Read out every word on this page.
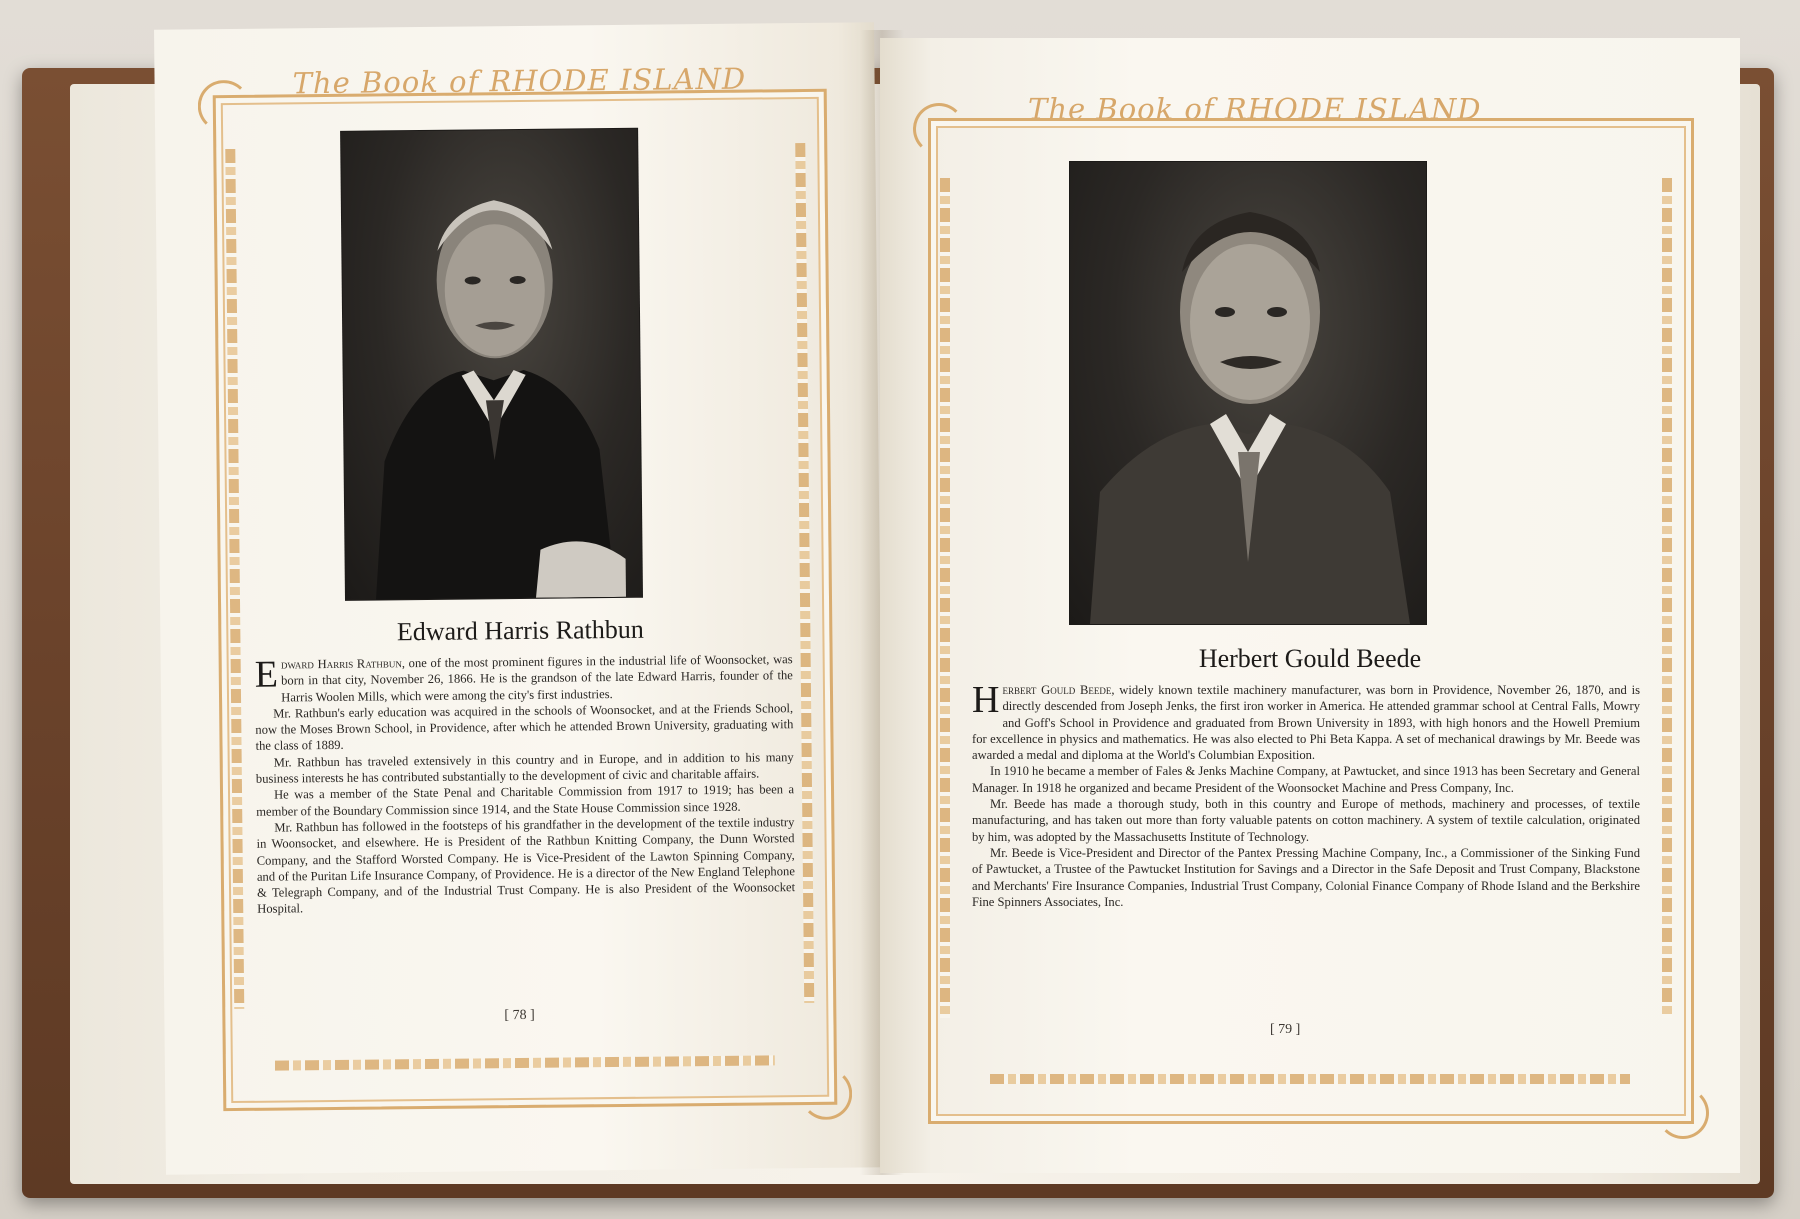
The Book of RHODE ISLAND
Edward Harris Rathbun

Edward Harris Rathbun, one of the most prominent figures in the industrial life of Woonsocket, was born in that city, November 26, 1866. He is the grandson of the late Edward Harris, founder of the Harris Woolen Mills, which were among the city's first industries.

Mr. Rathbun's early education was acquired in the schools of Woonsocket, and at the Friends School, now the Moses Brown School, in Providence, after which he attended Brown University, graduating with the class of 1889.

Mr. Rathbun has traveled extensively in this country and in Europe, and in addition to his many business interests he has contributed substantially to the development of civic and charitable affairs.

He was a member of the State Penal and Charitable Commission from 1917 to 1919; has been a member of the Boundary Commission since 1914, and the State House Commission since 1928.

Mr. Rathbun has followed in the footsteps of his grandfather in the development of the textile industry in Woonsocket, and elsewhere. He is President of the Rathbun Knitting Company, the Dunn Worsted Company, and the Stafford Worsted Company. He is Vice-President of the Lawton Spinning Company, and of the Puritan Life Insurance Company, of Providence. He is a director of the New England Telephone & Telegraph Company, and of the Industrial Trust Company. He is also President of the Woonsocket Hospital.

[ 78 ]
The Book of RHODE ISLAND
Herbert Gould Beede

Herbert Gould Beede, widely known textile machinery manufacturer, was born in Providence, November 26, 1870, and is directly descended from Joseph Jenks, the first iron worker in America. He attended grammar school at Central Falls, Mowry and Goff's School in Providence and graduated from Brown University in 1893, with high honors and the Howell Premium for excellence in physics and mathematics. He was also elected to Phi Beta Kappa. A set of mechanical drawings by Mr. Beede was awarded a medal and diploma at the World's Columbian Exposition.

In 1910 he became a member of Fales & Jenks Machine Company, at Pawtucket, and since 1913 has been Secretary and General Manager. In 1918 he organized and became President of the Woonsocket Machine and Press Company, Inc.

Mr. Beede has made a thorough study, both in this country and Europe of methods, machinery and processes, of textile manufacturing, and has taken out more than forty valuable patents on cotton machinery. A system of textile calculation, originated by him, was adopted by the Massachusetts Institute of Technology.

Mr. Beede is Vice-President and Director of the Pantex Pressing Machine Company, Inc., a Commissioner of the Sinking Fund of Pawtucket, a Trustee of the Pawtucket Institution for Savings and a Director in the Safe Deposit and Trust Company, Blackstone and Merchants' Fire Insurance Companies, Industrial Trust Company, Colonial Finance Company of Rhode Island and the Berkshire Fine Spinners Associates, Inc.

[ 79 ]
